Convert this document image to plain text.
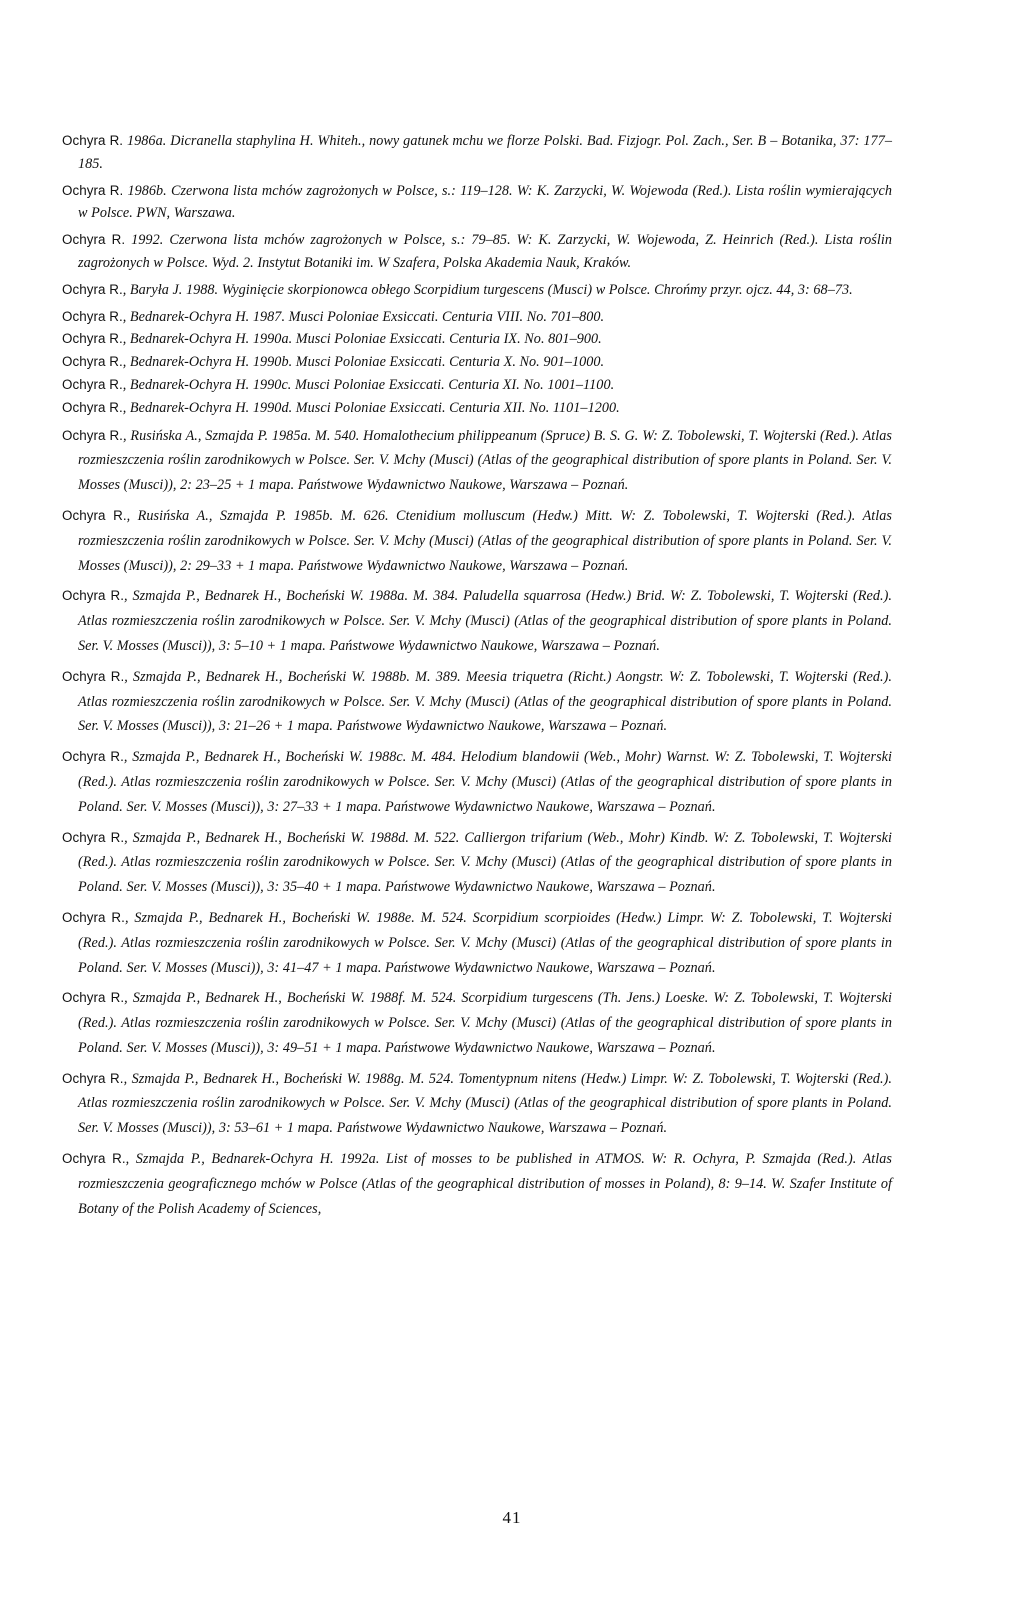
Ochyra R. 1986a. Dicranella staphylina H. Whiteh., nowy gatunek mchu we florze Polski. Bad. Fizjogr. Pol. Zach., Ser. B – Botanika, 37: 177–185.
Ochyra R. 1986b. Czerwona lista mchów zagrożonych w Polsce, s.: 119–128. W: K. Zarzycki, W. Wojewoda (Red.). Lista roślin wymierających w Polsce. PWN, Warszawa.
Ochyra R. 1992. Czerwona lista mchów zagrożonych w Polsce, s.: 79–85. W: K. Zarzycki, W. Wojewoda, Z. Heinrich (Red.). Lista roślin zagrożonych w Polsce. Wyd. 2. Instytut Botaniki im. W Szafera, Polska Akademia Nauk, Kraków.
Ochyra R., Baryła J. 1988. Wyginięcie skorpionowca obłego Scorpidium turgescens (Musci) w Polsce. Chrońmy przyr. ojcz. 44, 3: 68–73.
Ochyra R., Bednarek-Ochyra H. 1987. Musci Poloniae Exsiccati. Centuria VIII. No. 701–800.
Ochyra R., Bednarek-Ochyra H. 1990a. Musci Poloniae Exsiccati. Centuria IX. No. 801–900.
Ochyra R., Bednarek-Ochyra H. 1990b. Musci Poloniae Exsiccati. Centuria X. No. 901–1000.
Ochyra R., Bednarek-Ochyra H. 1990c. Musci Poloniae Exsiccati. Centuria XI. No. 1001–1100.
Ochyra R., Bednarek-Ochyra H. 1990d. Musci Poloniae Exsiccati. Centuria XII. No. 1101–1200.
Ochyra R., Rusińska A., Szmajda P. 1985a. M. 540. Homalothecium philippeanum (Spruce) B. S. G. W: Z. Tobolewski, T. Wojterski (Red.). Atlas rozmieszczenia roślin zarodnikowych w Polsce. Ser. V. Mchy (Musci) (Atlas of the geographical distribution of spore plants in Poland. Ser. V. Mosses (Musci)), 2: 23–25 + 1 mapa. Państwowe Wydawnictwo Naukowe, Warszawa – Poznań.
Ochyra R., Rusińska A., Szmajda P. 1985b. M. 626. Ctenidium molluscum (Hedw.) Mitt. W: Z. Tobolewski, T. Wojterski (Red.). Atlas rozmieszczenia roślin zarodnikowych w Polsce. Ser. V. Mchy (Musci) (Atlas of the geographical distribution of spore plants in Poland. Ser. V. Mosses (Musci)), 2: 29–33 + 1 mapa. Państwowe Wydawnictwo Naukowe, Warszawa – Poznań.
Ochyra R., Szmajda P., Bednarek H., Bocheński W. 1988a. M. 384. Paludella squarrosa (Hedw.) Brid. W: Z. Tobolewski, T. Wojterski (Red.). Atlas rozmieszczenia roślin zarodnikowych w Polsce. Ser. V. Mchy (Musci) (Atlas of the geographical distribution of spore plants in Poland. Ser. V. Mosses (Musci)), 3: 5–10 + 1 mapa. Państwowe Wydawnictwo Naukowe, Warszawa – Poznań.
Ochyra R., Szmajda P., Bednarek H., Bocheński W. 1988b. M. 389. Meesia triquetra (Richt.) Aongstr. W: Z. Tobolewski, T. Wojterski (Red.). Atlas rozmieszczenia roślin zarodnikowych w Polsce. Ser. V. Mchy (Musci) (Atlas of the geographical distribution of spore plants in Poland. Ser. V. Mosses (Musci)), 3: 21–26 + 1 mapa. Państwowe Wydawnictwo Naukowe, Warszawa – Poznań.
Ochyra R., Szmajda P., Bednarek H., Bocheński W. 1988c. M. 484. Helodium blandowii (Web., Mohr) Warnst. W: Z. Tobolewski, T. Wojterski (Red.). Atlas rozmieszczenia roślin zarodnikowych w Polsce. Ser. V. Mchy (Musci) (Atlas of the geographical distribution of spore plants in Poland. Ser. V. Mosses (Musci)), 3: 27–33 + 1 mapa. Państwowe Wydawnictwo Naukowe, Warszawa – Poznań.
Ochyra R., Szmajda P., Bednarek H., Bocheński W. 1988d. M. 522. Calliergon trifarium (Web., Mohr) Kindb. W: Z. Tobolewski, T. Wojterski (Red.). Atlas rozmieszczenia roślin zarodnikowych w Polsce. Ser. V. Mchy (Musci) (Atlas of the geographical distribution of spore plants in Poland. Ser. V. Mosses (Musci)), 3: 35–40 + 1 mapa. Państwowe Wydawnictwo Naukowe, Warszawa – Poznań.
Ochyra R., Szmajda P., Bednarek H., Bocheński W. 1988e. M. 524. Scorpidium scorpioides (Hedw.) Limpr. W: Z. Tobolewski, T. Wojterski (Red.). Atlas rozmieszczenia roślin zarodnikowych w Polsce. Ser. V. Mchy (Musci) (Atlas of the geographical distribution of spore plants in Poland. Ser. V. Mosses (Musci)), 3: 41–47 + 1 mapa. Państwowe Wydawnictwo Naukowe, Warszawa – Poznań.
Ochyra R., Szmajda P., Bednarek H., Bocheński W. 1988f. M. 524. Scorpidium turgescens (Th. Jens.) Loeske. W: Z. Tobolewski, T. Wojterski (Red.). Atlas rozmieszczenia roślin zarodnikowych w Polsce. Ser. V. Mchy (Musci) (Atlas of the geographical distribution of spore plants in Poland. Ser. V. Mosses (Musci)), 3: 49–51 + 1 mapa. Państwowe Wydawnictwo Naukowe, Warszawa – Poznań.
Ochyra R., Szmajda P., Bednarek H., Bocheński W. 1988g. M. 524. Tomentypnum nitens (Hedw.) Limpr. W: Z. Tobolewski, T. Wojterski (Red.). Atlas rozmieszczenia roślin zarodnikowych w Polsce. Ser. V. Mchy (Musci) (Atlas of the geographical distribution of spore plants in Poland. Ser. V. Mosses (Musci)), 3: 53–61 + 1 mapa. Państwowe Wydawnictwo Naukowe, Warszawa – Poznań.
Ochyra R., Szmajda P., Bednarek-Ochyra H. 1992a. List of mosses to be published in ATMOS. W: R. Ochyra, P. Szmajda (Red.). Atlas rozmieszczenia geograficznego mchów w Polsce (Atlas of the geographical distribution of mosses in Poland), 8: 9–14. W. Szafer Institute of Botany of the Polish Academy of Sciences,
41
